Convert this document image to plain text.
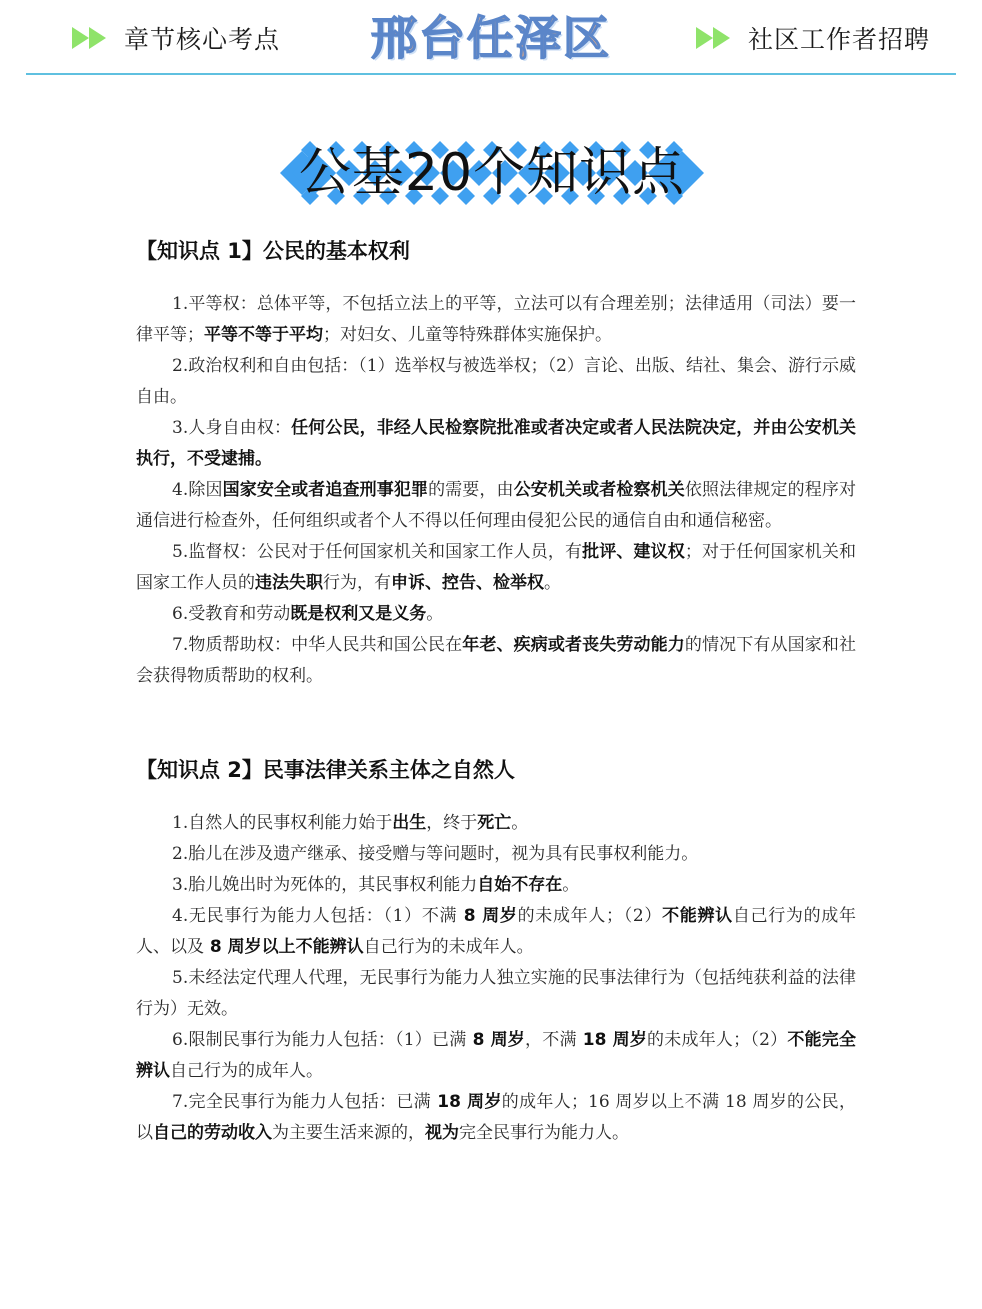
章节核心考点	邢台任泽区	社区工作者招聘
公基20个知识点
【知识点 1】公民的基本权利

1.平等权：总体平等，不包括立法上的平等，立法可以有合理差别；法律适用（司法）要一律平等；平等不等于平均；对妇女、儿童等特殊群体实施保护。

2.政治权利和自由包括：（1）选举权与被选举权；（2）言论、出版、结社、集会、游行示威自由。

3.人身自由权：任何公民，非经人民检察院批准或者决定或者人民法院决定，并由公安机关执行，不受逮捕。

4.除因国家安全或者追查刑事犯罪的需要，由公安机关或者检察机关依照法律规定的程序对通信进行检查外，任何组织或者个人不得以任何理由侵犯公民的通信自由和通信秘密。

5.监督权：公民对于任何国家机关和国家工作人员，有批评、建议权；对于任何国家机关和国家工作人员的违法失职行为，有申诉、控告、检举权。

6.受教育和劳动既是权利又是义务。

7.物质帮助权：中华人民共和国公民在年老、疾病或者丧失劳动能力的情况下有从国家和社会获得物质帮助的权利。

【知识点 2】民事法律关系主体之自然人

1.自然人的民事权利能力始于出生，终于死亡。

2.胎儿在涉及遗产继承、接受赠与等问题时，视为具有民事权利能力。

3.胎儿娩出时为死体的，其民事权利能力自始不存在。

4.无民事行为能力人包括：（1）不满 8 周岁的未成年人；（2）不能辨认自己行为的成年人、以及 8 周岁以上不能辨认自己行为的未成年人。

5.未经法定代理人代理，无民事行为能力人独立实施的民事法律行为（包括纯获利益的法律行为）无效。

6.限制民事行为能力人包括：（1）已满 8 周岁，不满 18 周岁的未成年人；（2）不能完全辨认自己行为的成年人。

7.完全民事行为能力人包括：已满 18 周岁的成年人；16 周岁以上不满 18 周岁的公民，以自己的劳动收入为主要生活来源的，视为完全民事行为能力人。
